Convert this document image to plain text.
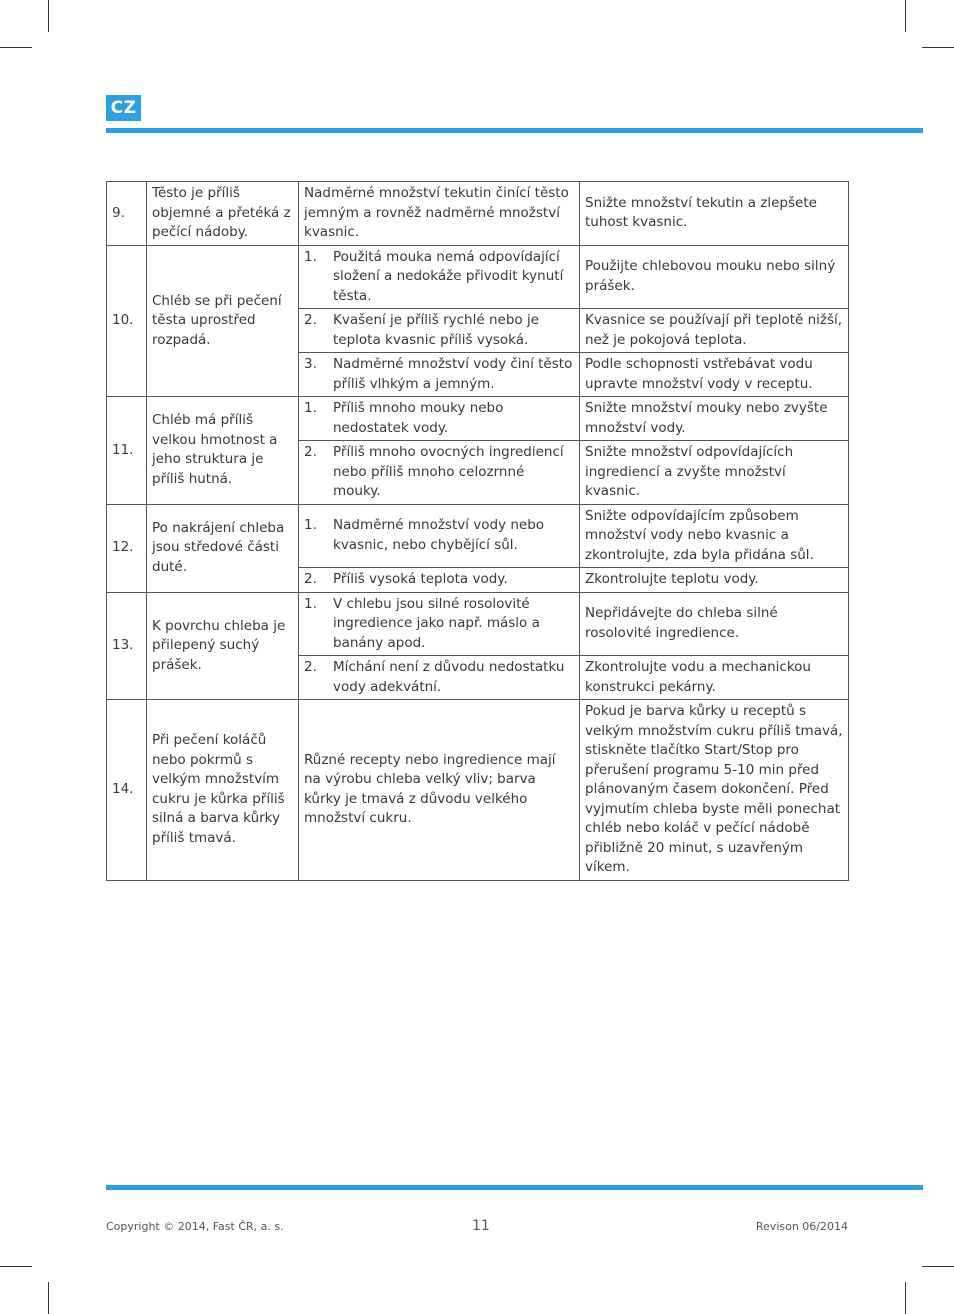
CZ
9.	Těsto je příliš objemné a přetéká z pečící nádoby.	Nadměrné množství tekutin činící těsto jemným a rovněž nadměrné množství kvasnic.	Snižte množství tekutin a zlepšete tuhost kvasnic.
10.	Chléb se při pečení těsta uprostřed rozpadá.	1. Použitá mouka nemá odpovídající složení a nedokáže přivodit kynutí těsta.	Použijte chlebovou mouku nebo silný prášek.

		2. Kvašení je příliš rychlé nebo je teplota kvasnic příliš vysoká.	Kvasnice se používají při teplotě nižší, než je pokojová teplota.

		3. Nadměrné množství vody činí těsto příliš vlhkým a jemným.	Podle schopnosti vstřebávat vodu upravte množství vody v receptu.
11.	Chléb má příliš velkou hmotnost a jeho struktura je příliš hutná.	1. Příliš mnoho mouky nebo nedostatek vody.	Snižte množství mouky nebo zvyšte množství vody.

		2. Příliš mnoho ovocných ingrediencí nebo příliš mnoho celozrnné mouky.	Snižte množství odpovídajících ingrediencí a zvyšte množství kvasnic.
12.	Po nakrájení chleba jsou středové části duté.	1. Nadměrné množství vody nebo kvasnic, nebo chybějící sůl.	Snižte odpovídajícím způsobem množství vody nebo kvasnic a zkontrolujte, zda byla přidána sůl.

		2. Příliš vysoká teplota vody.	Zkontrolujte teplotu vody.
13.	K povrchu chleba je přilepený suchý prášek.	1. V chlebu jsou silné rosolovité ingredience jako např. máslo a banány apod.	Nepřidávejte do chleba silné rosolovité ingredience.

		2. Míchání není z důvodu nedostatku vody adekvátní.	Zkontrolujte vodu a mechanickou konstrukci pekárny.
14.	Při pečení koláčů nebo pokrmů s velkým množstvím cukru je kůrka příliš silná a barva kůrky příliš tmavá.	Různé recepty nebo ingredience mají na výrobu chleba velký vliv; barva kůrky je tmavá z důvodu velkého množství cukru.	Pokud je barva kůrky u receptů s velkým množstvím cukru příliš tmavá, stiskněte tlačítko Start/Stop pro přerušení programu 5-10 min před plánovaným časem dokončení. Před vyjmutím chleba byste měli ponechat chléb nebo koláč v pečící nádobě přibližně 20 minut, s uzavřeným víkem.
Copyright © 2014, Fast ČR, a. s.	11	Revison 06/2014
